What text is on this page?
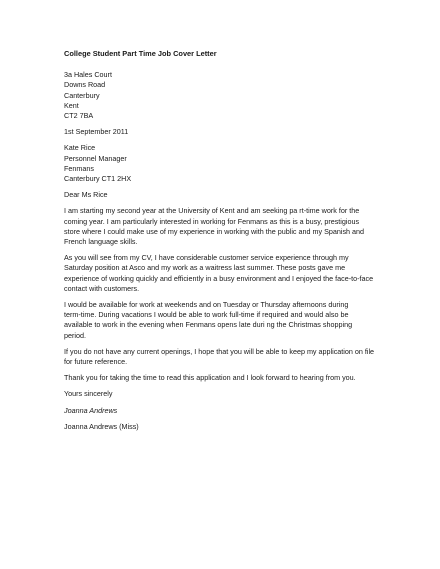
College Student Part Time Job Cover Letter
3a Hales Court
Downs Road
Canterbury
Kent
CT2 7BA
1st September 2011
Kate Rice
Personnel Manager
Fenmans
Canterbury CT1 2HX
Dear Ms Rice
I am starting my second year at the University of Kent and am seeking pa rt-time work for the
coming year. I am particularly interested in working for Fenmans as this is a busy, prestigious
store where I could make use of my experience in working with the public and my Spanish and
French language skills.
As you will see from my CV, I have considerable customer service experience through my
Saturday position at Asco and my work as a waitress last summer. These posts gave me
experience of working quickly and efficiently in a busy environment and I enjoyed the face-to-face
contact with customers.
I would be available for work at weekends and on Tuesday or Thursday afternoons during
term-time. During vacations I would be able to work full-time if required and would also be
available to work in the evening when Fenmans opens late duri ng the Christmas shopping
period.
If you do not have any current openings, I hope that you will be able to keep my application on file
for future reference.
Thank you for taking the time to read this application and I look forward to hearing from you.
Yours sincerely
Joanna Andrews
Joanna Andrews (Miss)
